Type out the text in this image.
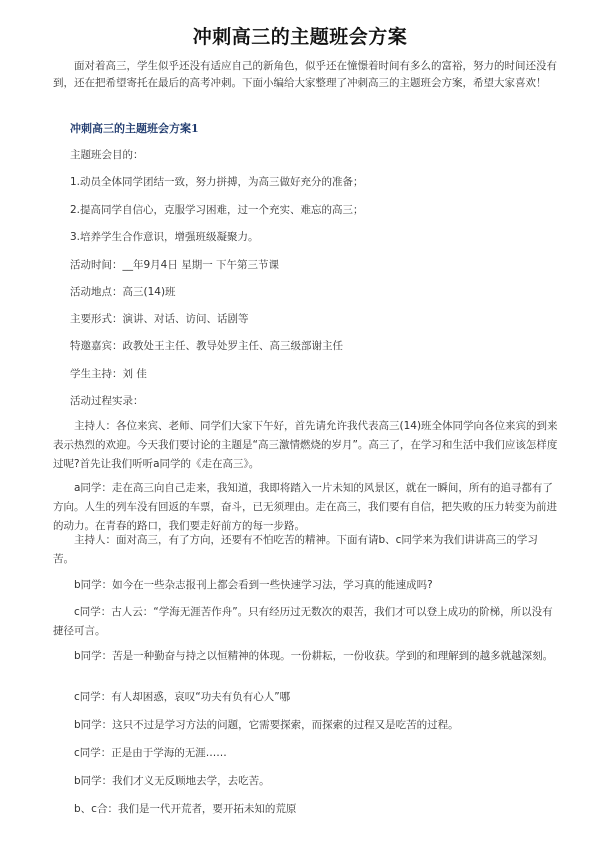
冲刺高三的主题班会方案
面对着高三，学生似乎还没有适应自己的新角色，似乎还在憧憬着时间有多么的富裕，努力的时间还没有到，还在把希望寄托在最后的高考冲刺。下面小编给大家整理了冲刺高三的主题班会方案，希望大家喜欢！
冲刺高三的主题班会方案1
主题班会目的：
1.动员全体同学团结一致，努力拼搏，为高三做好充分的准备；
2.提高同学自信心，克服学习困难，过一个充实、难忘的高三；
3.培养学生合作意识，增强班级凝聚力。
活动时间：__年9月4日 星期一 下午第三节课
活动地点：高三(14)班
主要形式：演讲、对话、访问、话剧等
特邀嘉宾：政教处王主任、教导处罗主任、高三级部谢主任
学生主持：刘 佳
活动过程实录：
主持人：各位来宾、老师、同学们大家下午好，首先请允许我代表高三(14)班全体同学向各位来宾的到来表示热烈的欢迎。今天我们要讨论的主题是“高三激情燃烧的岁月”。高三了，在学习和生活中我们应该怎样度过呢?首先让我们听听a同学的《走在高三》。
a同学：走在高三向自己走来，我知道，我即将踏入一片未知的风景区，就在一瞬间，所有的追寻都有了方向。人生的列车没有回返的车票，奋斗，已无须理由。走在高三，我们要有自信，把失败的压力转变为前进的动力。在青春的路口，我们要走好前方的每一步路。
主持人：面对高三，有了方向，还要有不怕吃苦的精神。下面有请b、c同学来为我们讲讲高三的学习苦。
b同学：如今在一些杂志报刊上都会看到一些快速学习法，学习真的能速成吗?
c同学：古人云：“学海无涯苦作舟”。只有经历过无数次的艰苦，我们才可以登上成功的阶梯，所以没有捷径可言。
b同学：苦是一种勤奋与持之以恒精神的体现。一份耕耘，一份收获。学到的和理解到的越多就越深刻。
c同学：有人却困惑，哀叹“功夫有负有心人”哪
b同学：这只不过是学习方法的问题，它需要探索，而探索的过程又是吃苦的过程。
c同学：正是由于学海的无涯……
b同学：我们才义无反顾地去学，去吃苦。
b、c合：我们是一代开荒者，要开拓未知的荒原
